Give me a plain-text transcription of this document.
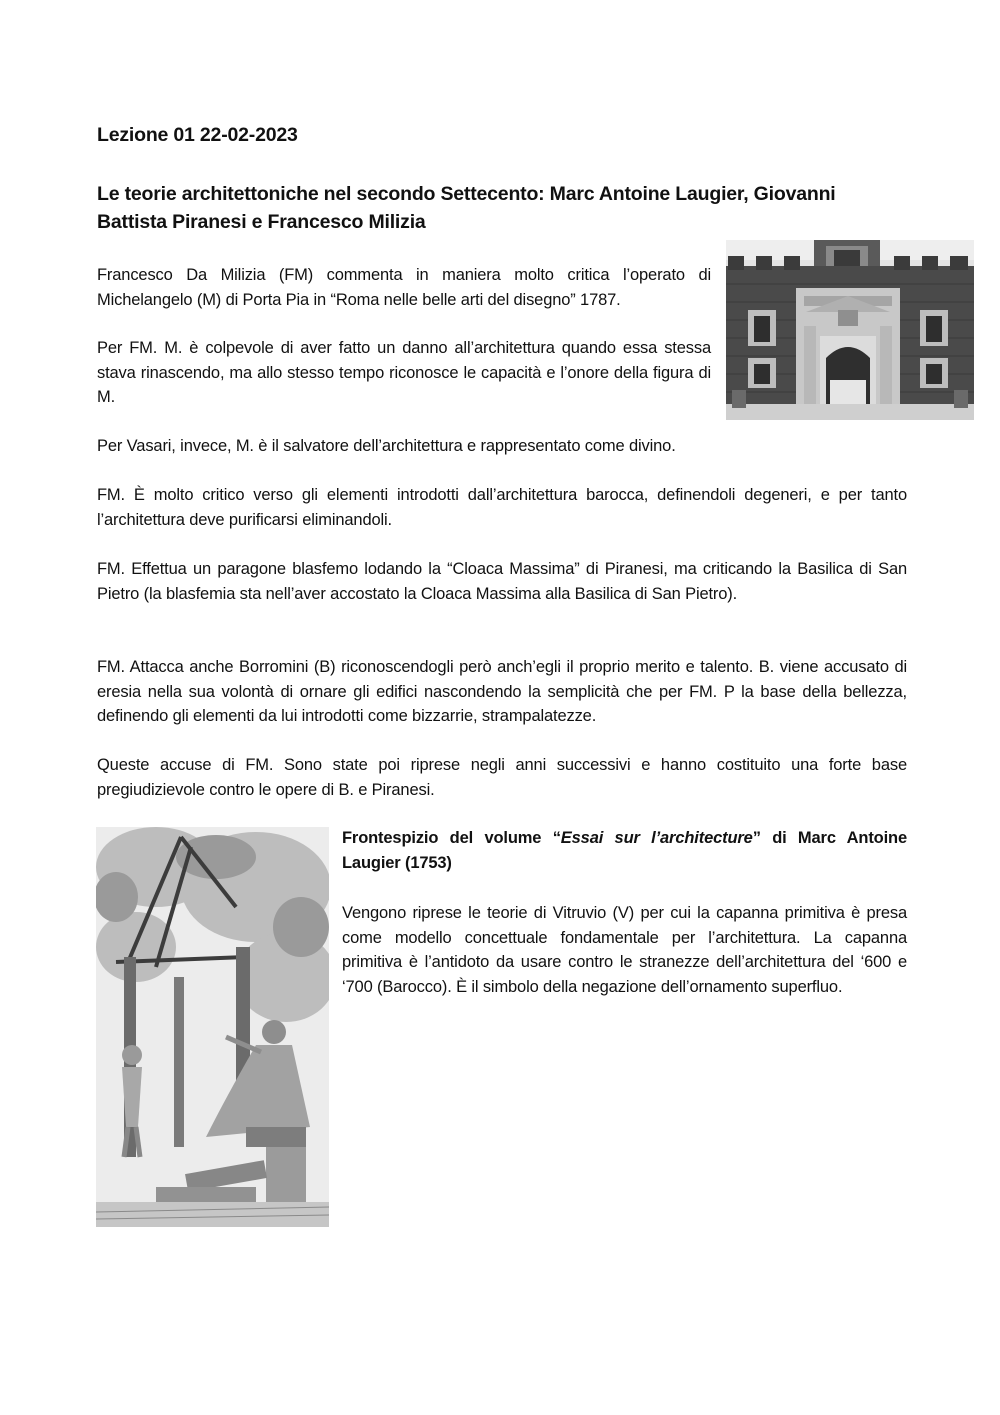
Lezione 01 22-02-2023
Le teorie architettoniche nel secondo Settecento: Marc Antoine Laugier, Giovanni Battista Piranesi e Francesco Milizia
Francesco Da Milizia (FM) commenta in maniera molto critica l’operato di Michelangelo (M) di Porta Pia in “Roma nelle belle arti del disegno” 1787.
Per FM. M. è colpevole di aver fatto un danno all’architettura quando essa stessa stava rinascendo, ma allo stesso tempo riconosce le capacità e l’onore della figura di M.
Per Vasari, invece, M. è il salvatore dell’architettura e rappresentato come divino.
FM. È molto critico verso gli elementi introdotti dall’architettura barocca, definendoli degeneri, e per tanto l’architettura deve purificarsi eliminandoli.
FM. Effettua un paragone blasfemo lodando la “Cloaca Massima” di Piranesi, ma criticando la Basilica di San Pietro (la blasfemia sta nell’aver accostato la Cloaca Massima alla Basilica di San Pietro).
FM. Attacca anche Borromini (B) riconoscendogli però anch’egli il proprio merito e talento. B. viene accusato di eresia nella sua volontà di ornare gli edifici nascondendo la semplicità che per FM. P la base della bellezza, definendo gli elementi da lui introdotti come bizzarrie, strampalatezze.
Queste accuse di FM. Sono state poi riprese negli anni successivi e hanno costituito una forte base pregiudizievole contro le opere di B. e Piranesi.
Frontespizio del volume “Essai sur l’architecture” di Marc Antoine Laugier (1753)
Vengono riprese le teorie di Vitruvio (V) per cui la capanna primitiva è presa come modello concettuale fondamentale per l’architettura. La capanna primitiva è l’antidoto da usare contro le stranezze dell’architettura del ‘600 e ‘700 (Barocco). È il simbolo della negazione dell’ornamento superfluo.
